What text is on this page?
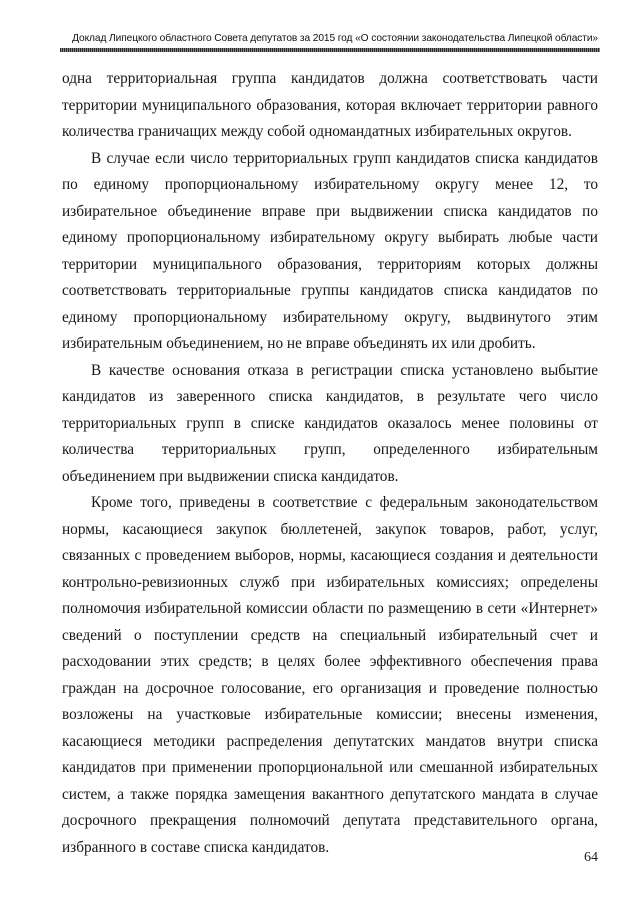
Доклад Липецкого областного Совета депутатов за 2015 год «О состоянии законодательства Липецкой области»

одна территориальная группа кандидатов должна соответствовать части территории муниципального образования, которая включает территории равного количества граничащих между собой одномандатных избирательных округов.

В случае если число территориальных групп кандидатов списка кандидатов по единому пропорциональному избирательному округу менее 12, то избирательное объединение вправе при выдвижении списка кандидатов по единому пропорциональному избирательному округу выбирать любые части территории муниципального образования, территориям которых должны соответствовать территориальные группы кандидатов списка кандидатов по единому пропорциональному избирательному округу, выдвинутого этим избирательным объединением, но не вправе объединять их или дробить.

В качестве основания отказа в регистрации списка установлено выбытие кандидатов из заверенного списка кандидатов, в результате чего число территориальных групп в списке кандидатов оказалось менее половины от количества территориальных групп, определенного избирательным объединением при выдвижении списка кандидатов.

Кроме того, приведены в соответствие с федеральным законодательством нормы, касающиеся закупок бюллетеней, закупок товаров, работ, услуг, связанных с проведением выборов, нормы, касающиеся создания и деятельности контрольно-ревизионных служб при избирательных комиссиях; определены полномочия избирательной комиссии области по размещению в сети «Интернет» сведений о поступлении средств на специальный избирательный счет и расходовании этих средств; в целях более эффективного обеспечения права граждан на досрочное голосование, его организация и проведение полностью возложены на участковые избирательные комиссии; внесены изменения, касающиеся методики распределения депутатских мандатов внутри списка кандидатов при применении пропорциональной или смешанной избирательных систем, а также порядка замещения вакантного депутатского мандата в случае досрочного прекращения полномочий депутата представительного органа, избранного в составе списка кандидатов.

64
